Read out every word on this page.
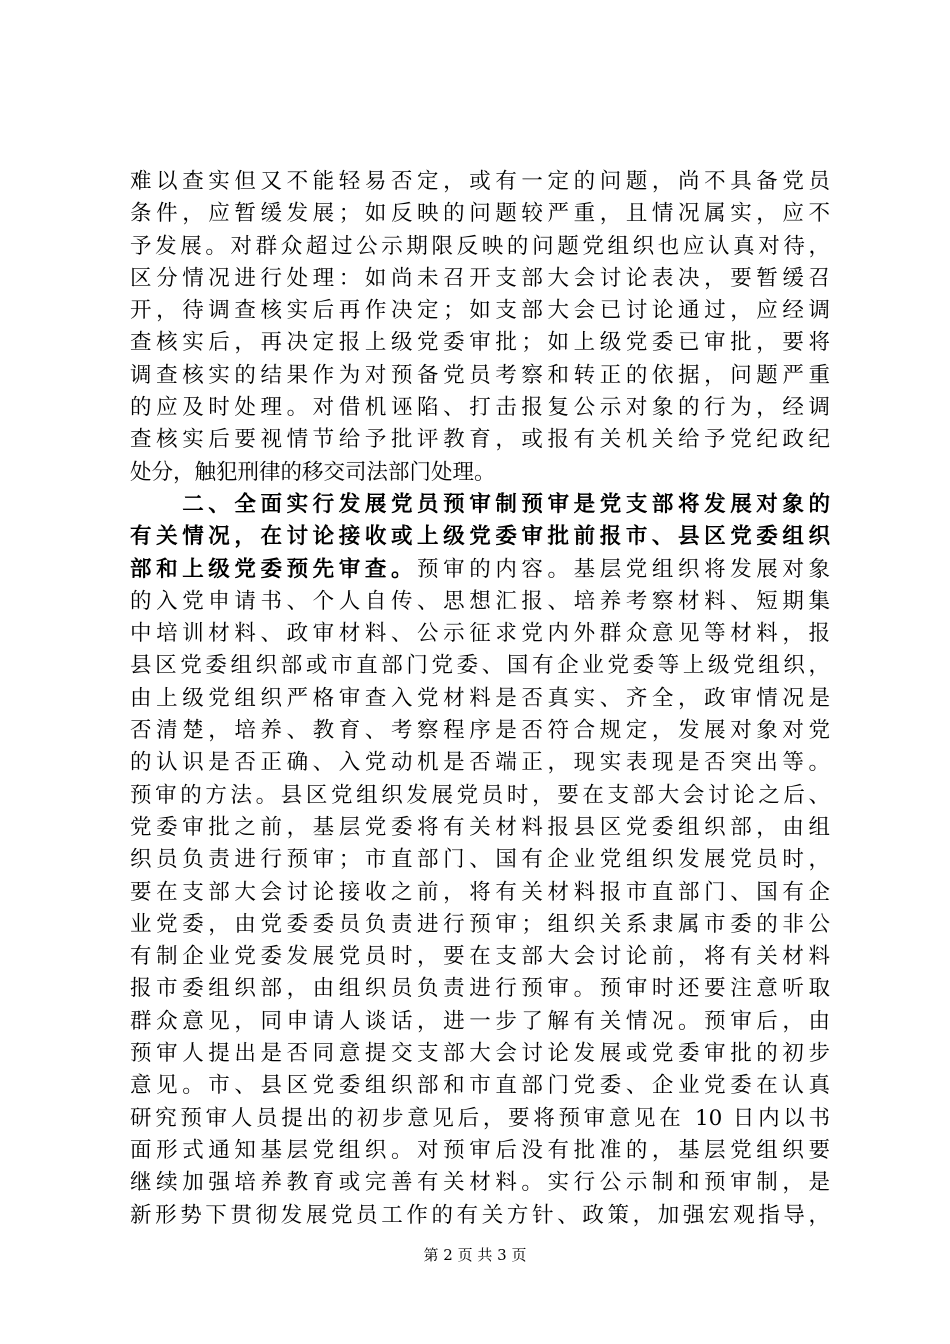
难以查实但又不能轻易否定，或有一定的问题，尚不具备党员
条件，应暂缓发展；如反映的问题较严重，且情况属实，应不
予发展。对群众超过公示期限反映的问题党组织也应认真对待，
区分情况进行处理：如尚未召开支部大会讨论表决，要暂缓召
开，待调查核实后再作决定；如支部大会已讨论通过，应经调
查核实后，再决定报上级党委审批；如上级党委已审批，要将
调查核实的结果作为对预备党员考察和转正的依据，问题严重
的应及时处理。对借机诬陷、打击报复公示对象的行为，经调
查核实后要视情节给予批评教育，或报有关机关给予党纪政纪
处分，触犯刑律的移交司法部门处理。
　　二、全面实行发展党员预审制预审是党支部将发展对象的
有关情况，在讨论接收或上级党委审批前报市、县区党委组织
部和上级党委预先审查。预审的内容。基层党组织将发展对象
的入党申请书、个人自传、思想汇报、培养考察材料、短期集
中培训材料、政审材料、公示征求党内外群众意见等材料，报
县区党委组织部或市直部门党委、国有企业党委等上级党组织，
由上级党组织严格审查入党材料是否真实、齐全，政审情况是
否清楚，培养、教育、考察程序是否符合规定，发展对象对党
的认识是否正确、入党动机是否端正，现实表现是否突出等。
预审的方法。县区党组织发展党员时，要在支部大会讨论之后、
党委审批之前，基层党委将有关材料报县区党委组织部，由组
织员负责进行预审；市直部门、国有企业党组织发展党员时，
要在支部大会讨论接收之前，将有关材料报市直部门、国有企
业党委，由党委委员负责进行预审；组织关系隶属市委的非公
有制企业党委发展党员时，要在支部大会讨论前，将有关材料
报市委组织部，由组织员负责进行预审。预审时还要注意听取
群众意见，同申请人谈话，进一步了解有关情况。预审后，由
预审人提出是否同意提交支部大会讨论发展或党委审批的初步
意见。市、县区党委组织部和市直部门党委、企业党委在认真
研究预审人员提出的初步意见后，要将预审意见在 10 日内以书
面形式通知基层党组织。对预审后没有批准的，基层党组织要
继续加强培养教育或完善有关材料。实行公示制和预审制，是
新形势下贯彻发展党员工作的有关方针、政策，加强宏观指导，
第 2 页 共 3 页
